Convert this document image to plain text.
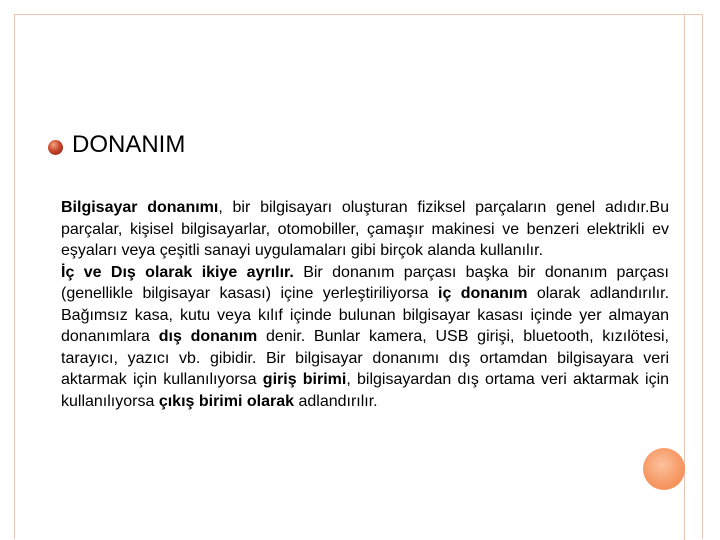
DONANIM

Bilgisayar donanımı, bir bilgisayarı oluşturan fiziksel parçaların genel adıdır.Bu parçalar, kişisel bilgisayarlar, otomobiller, çamaşır makinesi ve benzeri elektrikli ev eşyaları veya çeşitli sanayi uygulamaları gibi birçok alanda kullanılır.
İç ve Dış olarak ikiye ayrılır. Bir donanım parçası başka bir donanım parçası (genellikle bilgisayar kasası) içine yerleştiriliyorsa iç donanım olarak adlandırılır. Bağımsız kasa, kutu veya kılıf içinde bulunan bilgisayar kasası içinde yer almayan donanımlara dış donanım denir. Bunlar kamera, USB girişi, bluetooth, kızılötesi, tarayıcı, yazıcı vb. gibidir. Bir bilgisayar donanımı dış ortamdan bilgisayara veri aktarmak için kullanılıyorsa giriş birimi, bilgisayardan dış ortama veri aktarmak için kullanılıyorsa çıkış birimi olarak adlandırılır.
